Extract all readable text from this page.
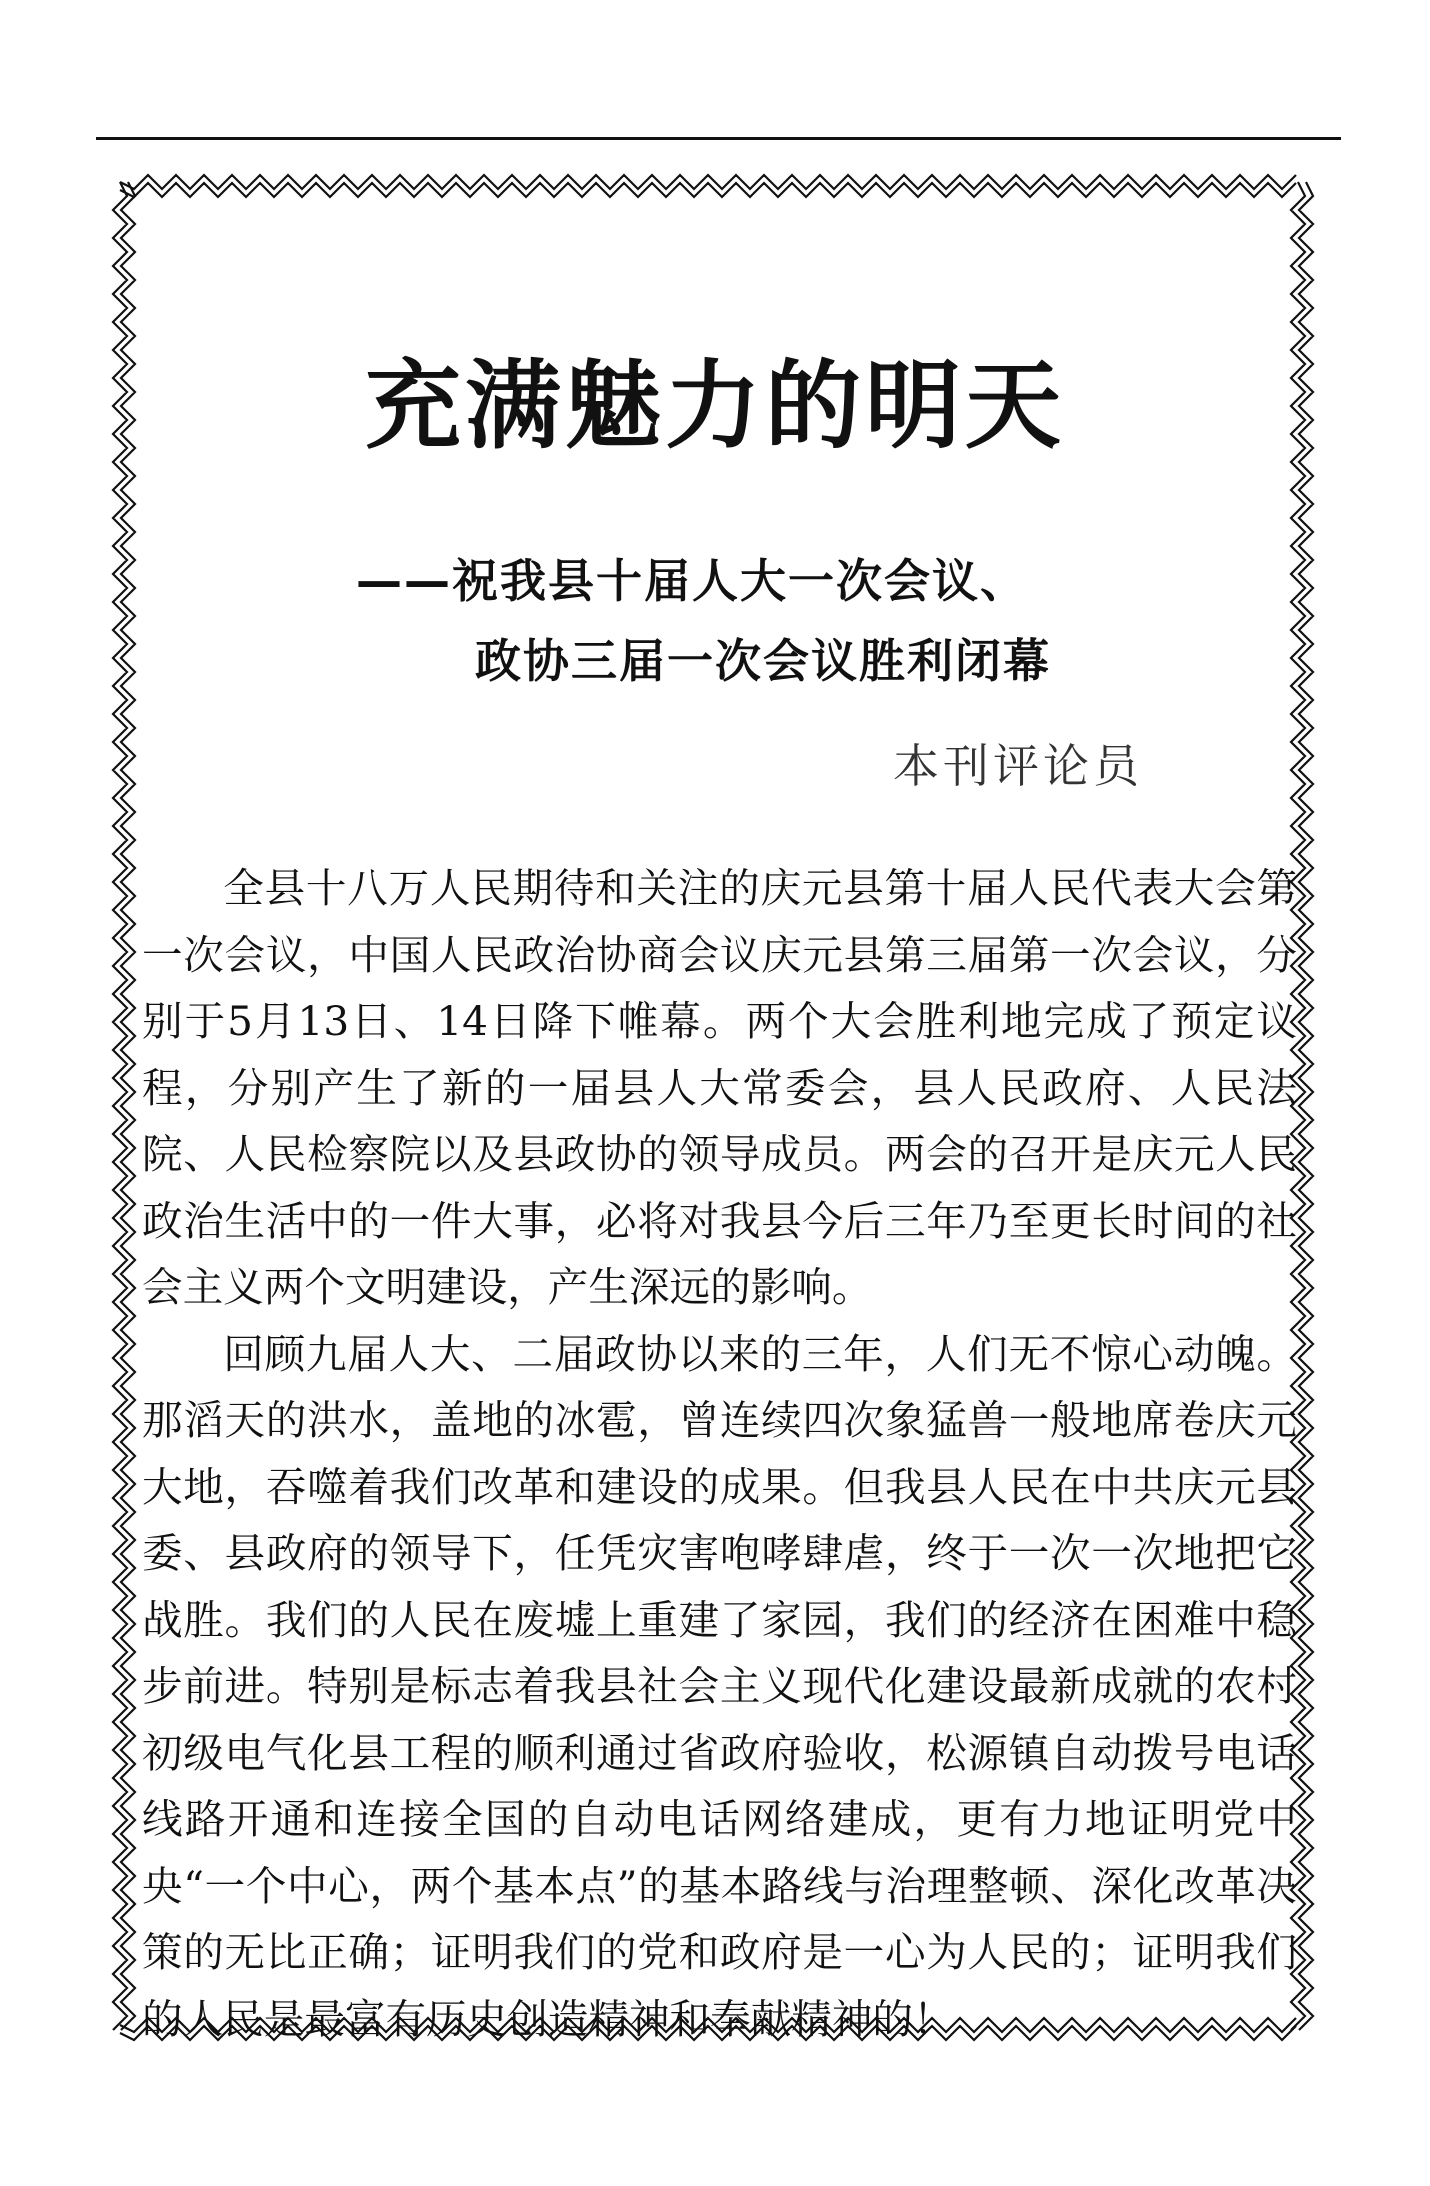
充满魅力的明天
——祝我县十届人大一次会议、
政协三届一次会议胜利闭幕
本刊评论员

全县十八万人民期待和关注的庆元县第十届人民代表大会第一次会议，中国人民政治协商会议庆元县第三届第一次会议，分别于5月13日、14日降下帷幕。两个大会胜利地完成了预定议程，分别产生了新的一届县人大常委会，县人民政府、人民法院、人民检察院以及县政协的领导成员。两会的召开是庆元人民政治生活中的一件大事，必将对我县今后三年乃至更长时间的社会主义两个文明建设，产生深远的影响。

回顾九届人大、二届政协以来的三年，人们无不惊心动魄。那滔天的洪水，盖地的冰雹，曾连续四次象猛兽一般地席卷庆元大地，吞噬着我们改革和建设的成果。但我县人民在中共庆元县委、县政府的领导下，任凭灾害咆哮肆虐，终于一次一次地把它战胜。我们的人民在废墟上重建了家园，我们的经济在困难中稳步前进。特别是标志着我县社会主义现代化建设最新成就的农村初级电气化县工程的顺利通过省政府验收，松源镇自动拨号电话线路开通和连接全国的自动电话网络建成，更有力地证明党中央“一个中心，两个基本点”的基本路线与治理整顿、深化改革决策的无比正确；证明我们的党和政府是一心为人民的；证明我们的人民是最富有历史创造精神和奉献精神的！
